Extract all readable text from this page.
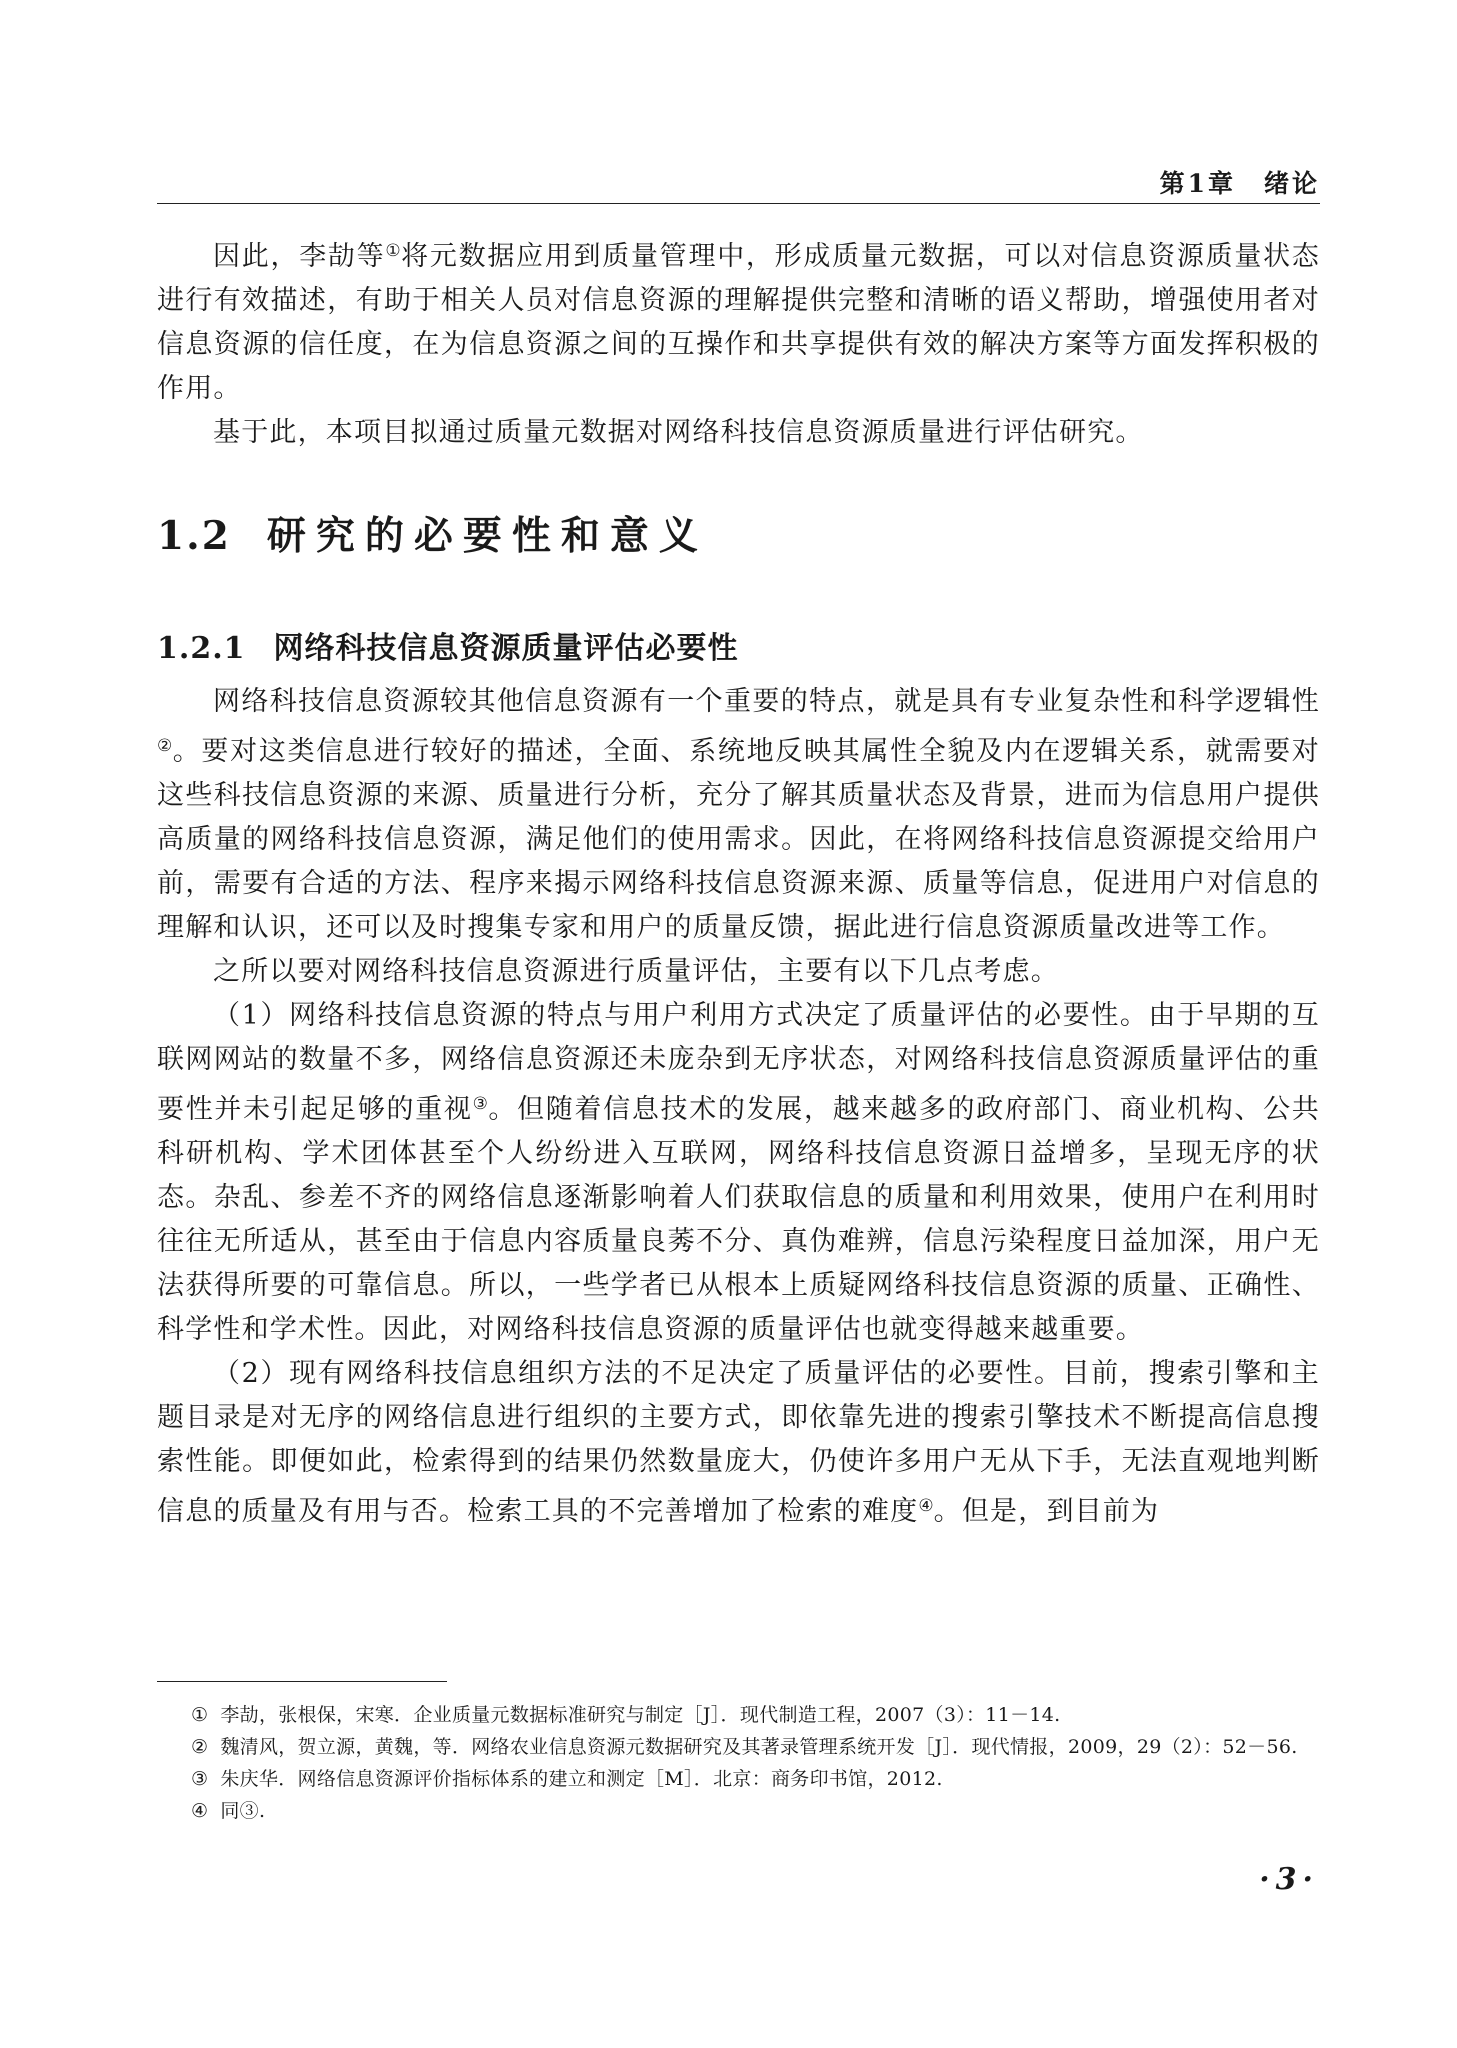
第1章　绪论

因此，李劼等①将元数据应用到质量管理中，形成质量元数据，可以对信息资源质量状态进行有效描述，有助于相关人员对信息资源的理解提供完整和清晰的语义帮助，增强使用者对信息资源的信任度，在为信息资源之间的互操作和共享提供有效的解决方案等方面发挥积极的作用。

基于此，本项目拟通过质量元数据对网络科技信息资源质量进行评估研究。

1.2 研究的必要性和意义
1.2.1 网络科技信息资源质量评估必要性

网络科技信息资源较其他信息资源有一个重要的特点，就是具有专业复杂性和科学逻辑性②。要对这类信息进行较好的描述，全面、系统地反映其属性全貌及内在逻辑关系，就需要对这些科技信息资源的来源、质量进行分析，充分了解其质量状态及背景，进而为信息用户提供高质量的网络科技信息资源，满足他们的使用需求。因此，在将网络科技信息资源提交给用户前，需要有合适的方法、程序来揭示网络科技信息资源来源、质量等信息，促进用户对信息的理解和认识，还可以及时搜集专家和用户的质量反馈，据此进行信息资源质量改进等工作。

之所以要对网络科技信息资源进行质量评估，主要有以下几点考虑。

（1）网络科技信息资源的特点与用户利用方式决定了质量评估的必要性。由于早期的互联网网站的数量不多，网络信息资源还未庞杂到无序状态，对网络科技信息资源质量评估的重要性并未引起足够的重视③。但随着信息技术的发展，越来越多的政府部门、商业机构、公共科研机构、学术团体甚至个人纷纷进入互联网，网络科技信息资源日益增多，呈现无序的状态。杂乱、参差不齐的网络信息逐渐影响着人们获取信息的质量和利用效果，使用户在利用时往往无所适从，甚至由于信息内容质量良莠不分、真伪难辨，信息污染程度日益加深，用户无法获得所要的可靠信息。所以，一些学者已从根本上质疑网络科技信息资源的质量、正确性、科学性和学术性。因此，对网络科技信息资源的质量评估也就变得越来越重要。

（2）现有网络科技信息组织方法的不足决定了质量评估的必要性。目前，搜索引擎和主题目录是对无序的网络信息进行组织的主要方式，即依靠先进的搜索引擎技术不断提高信息搜索性能。即便如此，检索得到的结果仍然数量庞大，仍使许多用户无从下手，无法直观地判断信息的质量及有用与否。检索工具的不完善增加了检索的难度④。但是，到目前为

① 李劼，张根保，宋寒．企业质量元数据标准研究与制定［J］．现代制造工程，2007（3）：11－14.

② 魏清风，贺立源，黄魏，等．网络农业信息资源元数据研究及其著录管理系统开发［J］．现代情报，2009，29（2）：52－56.

③ 朱庆华．网络信息资源评价指标体系的建立和测定［M］．北京：商务印书馆，2012.

④ 同③.

·3·
